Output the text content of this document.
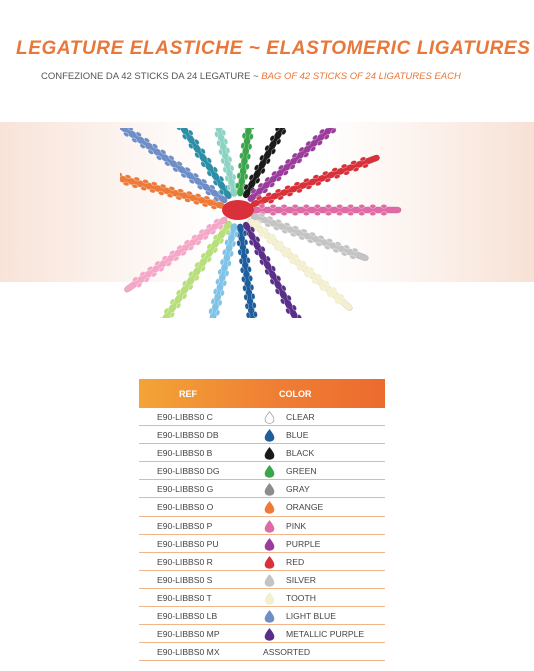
LEGATURE ELASTICHE ~ ELASTOMERIC LIGATURES
CONFEZIONE DA 42 STICKS DA 24 LEGATURE ~ BAG OF 42 STICKS OF 24 LIGATURES EACH
REF	COLOR
E90-LIBBS0 C	CLEAR
E90-LIBBS0 DB	BLUE
E90-LIBBS0 B	BLACK
E90-LIBBS0 DG	GREEN
E90-LIBBS0 G	GRAY
E90-LIBBS0 O	ORANGE
E90-LIBBS0 P	PINK
E90-LIBBS0 PU	PURPLE
E90-LIBBS0 R	RED
E90-LIBBS0 S	SILVER
E90-LIBBS0 T	TOOTH
E90-LIBBS0 LB	LIGHT BLUE
E90-LIBBS0 MP	METALLIC PURPLE
E90-LIBBS0 MX	ASSORTED
